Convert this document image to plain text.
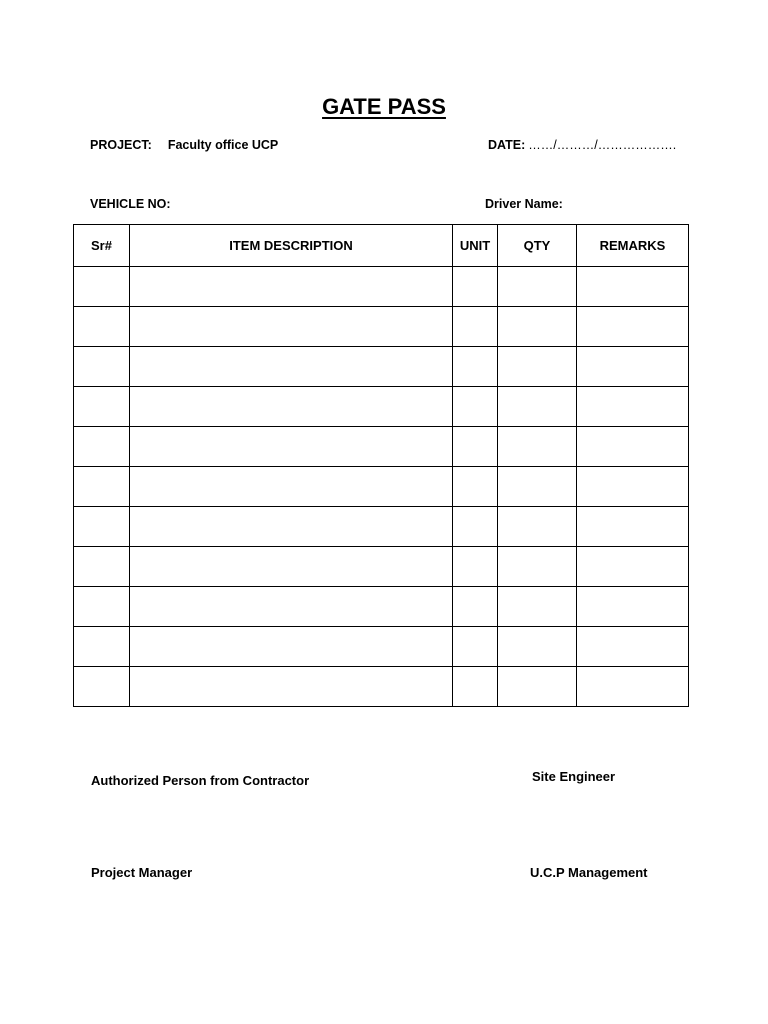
GATE PASS
PROJECT: Faculty office UCP	DATE: ……/………/……………….
VEHICLE NO:	Driver Name:
Sr#	ITEM DESCRIPTION	UNIT	QTY	REMARKS

Authorized Person from Contractor	Site Engineer
Project Manager	U.C.P Management
